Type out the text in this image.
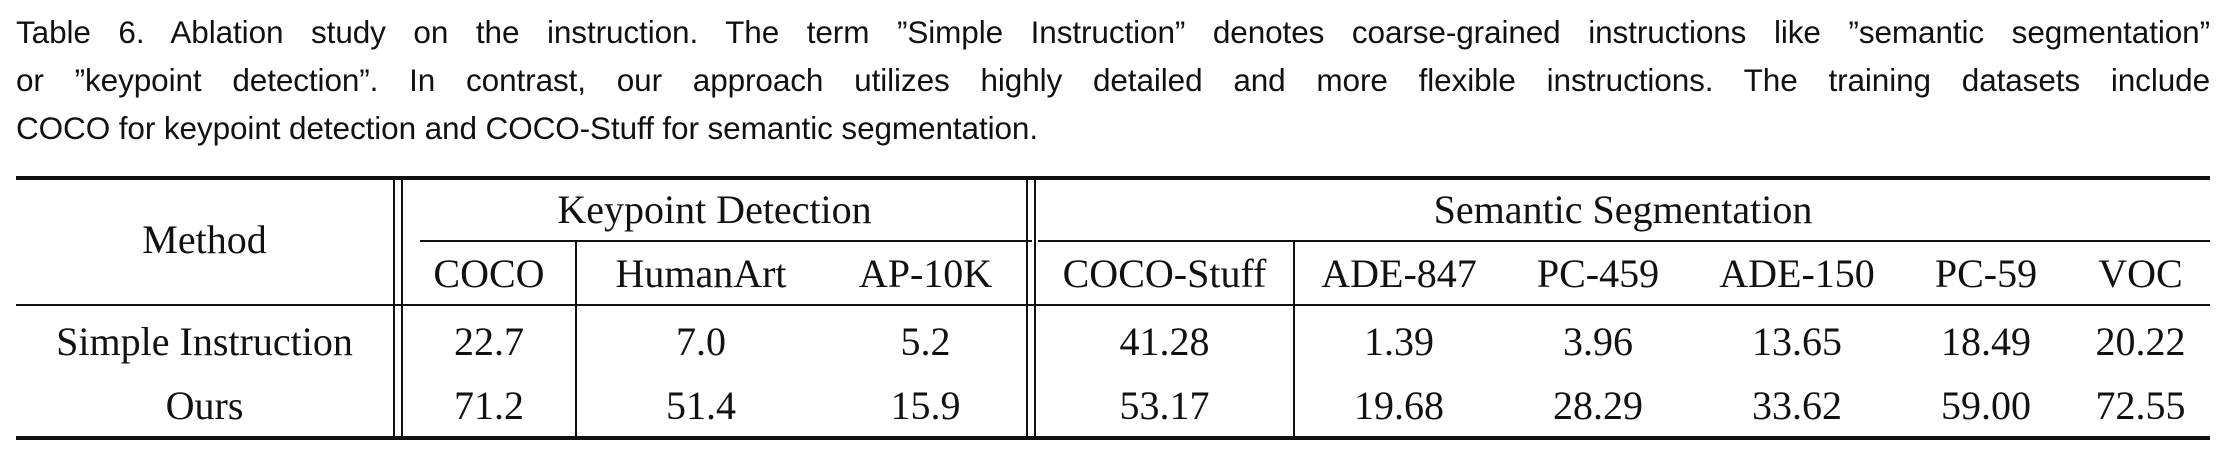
Table 6. Ablation study on the instruction. The term ”Simple Instruction” denotes coarse-grained instructions like ”semantic segmentation”
or ”keypoint detection”. In contrast, our approach utilizes highly detailed and more flexible instructions. The training datasets include
COCO for keypoint detection and COCO-Stuff for semantic segmentation.
Method
Keypoint Detection	Semantic Segmentation
COCO	HumanArt	AP-10K	COCO-Stuff	ADE-847	PC-459	ADE-150	PC-59	VOC
Simple Instruction	22.7	7.0	5.2	41.28	1.39	3.96	13.65	18.49	20.22
Ours	71.2	51.4	15.9	53.17	19.68	28.29	33.62	59.00	72.55
